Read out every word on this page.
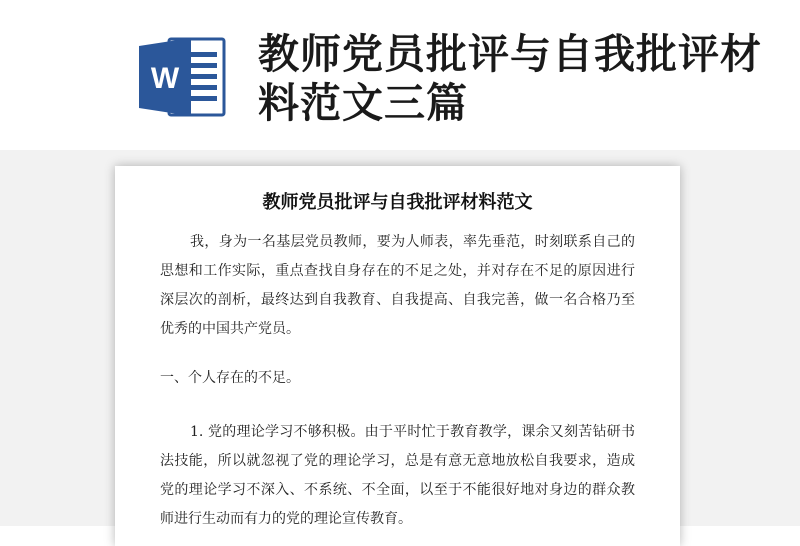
W
教师党员批评与自我批评材料范文三篇
教师党员批评与自我批评材料范文

我，身为一名基层党员教师，要为人师表，率先垂范，时刻联系自己的思想和工作实际，重点查找自身存在的不足之处，并对存在不足的原因进行深层次的剖析，最终达到自我教育、自我提高、自我完善，做一名合格乃至优秀的中国共产党员。

一、个人存在的不足。

1. 党的理论学习不够积极。由于平时忙于教育教学，课余又刻苦钻研书法技能，所以就忽视了党的理论学习，总是有意无意地放松自我要求，造成党的理论学习不深入、不系统、不全面，以至于不能很好地对身边的群众教师进行生动而有力的党的理论宣传教育。
